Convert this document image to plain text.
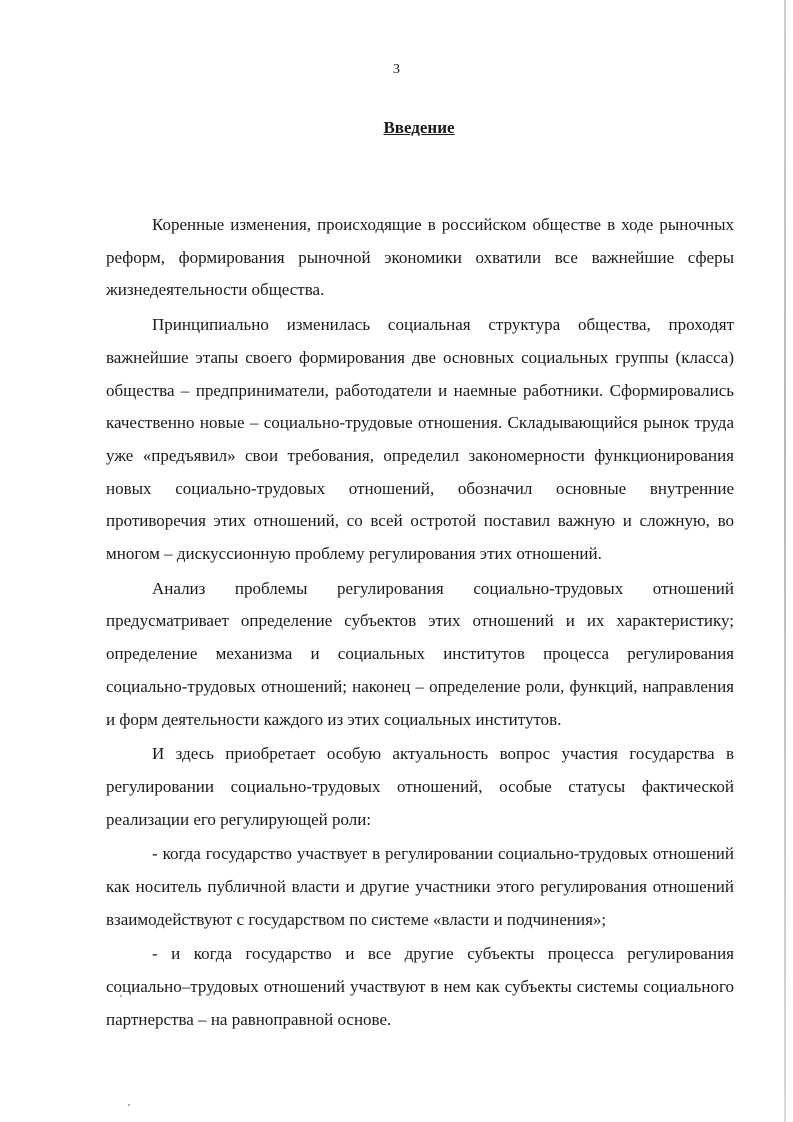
3
Введение

Коренные изменения, происходящие в российском обществе в ходе рыночных реформ, формирования рыночной экономики охватили все важнейшие сферы жизнедеятельности общества.

Принципиально изменилась социальная структура общества, проходят важнейшие этапы своего формирования две основных социальных группы (класса) общества – предприниматели, работодатели и наемные работники. Сформировались качественно новые – социально-трудовые отношения. Складывающийся рынок труда уже «предъявил» свои требования, определил закономерности функционирования новых социально-трудовых отношений, обозначил основные внутренние противоречия этих отношений, со всей остротой поставил важную и сложную, во многом – дискуссионную проблему регулирования этих отношений.

Анализ проблемы регулирования социально-трудовых отношений предусматривает определение субъектов этих отношений и их характеристику; определение механизма и социальных институтов процесса регулирования социально-трудовых отношений; наконец – определение роли, функций, направления и форм деятельности каждого из этих социальных институтов.

И здесь приобретает особую актуальность вопрос участия государства в регулировании социально-трудовых отношений, особые статусы фактической реализации его регулирующей роли:

- когда государство участвует в регулировании социально-трудовых отношений как носитель публичной власти и другие участники этого регулирования отношений взаимодействуют с государством по системе «власти и подчинения»;

- и когда государство и все другие субъекты процесса регулирования социально–трудовых отношений участвуют в нем как субъекты системы социального партнерства – на равноправной основе.
